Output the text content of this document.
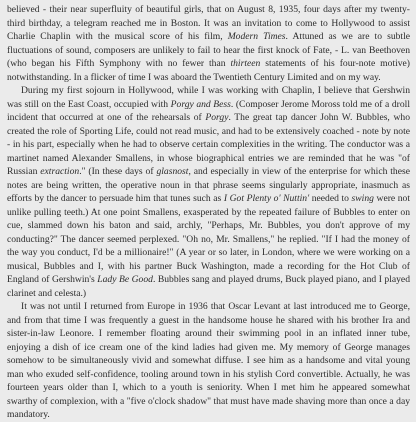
believed - their near superfluity of beautiful girls, that on August 8, 1935, four days after my twenty-third birthday, a telegram reached me in Boston. It was an invitation to come to Hollywood to assist Charlie Chaplin with the musical score of his film, Modern Times. Attuned as we are to subtle fluctuations of sound, composers are unlikely to fail to hear the first knock of Fate, - L. van Beethoven (who began his Fifth Symphony with no fewer than thirteen statements of his four-note motive) notwithstanding. In a flicker of time I was aboard the Twentieth Century Limited and on my way.

During my first sojourn in Hollywood, while I was working with Chaplin, I believe that Gershwin was still on the East Coast, occupied with Porgy and Bess. (Composer Jerome Moross told me of a droll incident that occurred at one of the rehearsals of Porgy. The great tap dancer John W. Bubbles, who created the role of Sporting Life, could not read music, and had to be extensively coached - note by note - in his part, especially when he had to observe certain complexities in the writing. The conductor was a martinet named Alexander Smallens, in whose biographical entries we are reminded that he was "of Russian extraction." (In these days of glasnost, and especially in view of the enterprise for which these notes are being written, the operative noun in that phrase seems singularly appropriate, inasmuch as efforts by the dancer to persuade him that tunes such as I Got Plenty o' Nuttin' needed to swing were not unlike pulling teeth.) At one point Smallens, exasperated by the repeated failure of Bubbles to enter on cue, slammed down his baton and said, archly, "Perhaps, Mr. Bubbles, you don't approve of my conducting?" The dancer seemed perplexed. "Oh no, Mr. Smallens," he replied. "If I had the money of the way you conduct, I'd be a millionaire!" (A year or so later, in London, where we were working on a musical, Bubbles and I, with his partner Buck Washington, made a recording for the Hot Club of England of Gershwin's Lady Be Good. Bubbles sang and played drums, Buck played piano, and I played clarinet and celesta.)

It was not until I returned from Europe in 1936 that Oscar Levant at last introduced me to George, and from that time I was frequently a guest in the handsome house he shared with his brother Ira and sister-in-law Leonore. I remember floating around their swimming pool in an inflated inner tube, enjoying a dish of ice cream one of the kind ladies had given me. My memory of George manages somehow to be simultaneously vivid and somewhat diffuse. I see him as a handsome and vital young man who exuded self-confidence, tooling around town in his stylish Cord convertible. Actually, he was fourteen years older than I, which to a youth is seniority. When I met him he appeared somewhat swarthy of complexion, with a "five o'clock shadow" that must have made shaving more than once a day mandatory.
